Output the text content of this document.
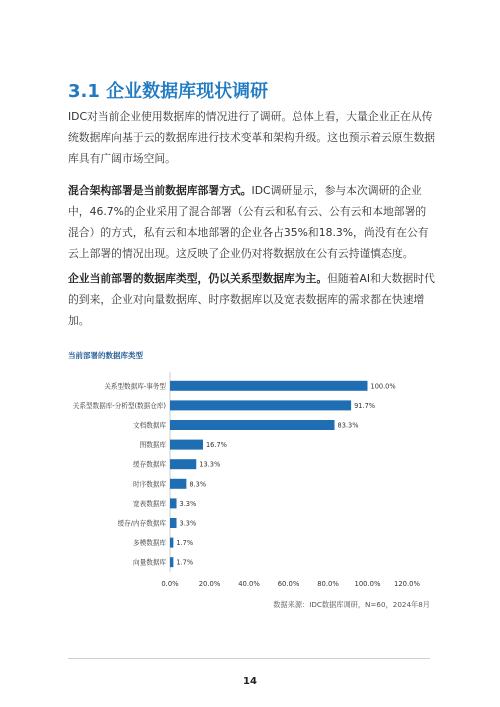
3.1 企业数据库现状调研

IDC对当前企业使用数据库的情况进行了调研。总体上看，大量企业正在从传统数据库向基于云的数据库进行技术变革和架构升级。这也预示着云原生数据库具有广阔市场空间。

混合架构部署是当前数据库部署方式。IDC调研显示，参与本次调研的企业中，46.7%的企业采用了混合部署（公有云和私有云、公有云和本地部署的混合）的方式，私有云和本地部署的企业各占35%和18.3%，尚没有在公有云上部署的情况出现。这反映了企业仍对将数据放在公有云持谨慎态度。

企业当前部署的数据库类型，仍以关系型数据库为主。但随着AI和大数据时代的到来，企业对向量数据库、时序数据库以及宽表数据库的需求都在快速增加。

当前部署的数据库类型
关系型数据库-事务型	100.0%
关系型数据库-分析型(数据仓库)	91.7%
文档数据库	83.3%
图数据库	16.7%
缓存数据库	13.3%
时序数据库	8.3%
宽表数据库 3.3%
缓存/内存数据库 3.3%
多模数据库 1.7%
向量数据库 1.7%
0.0%	20.0%	40.0%	60.0%	80.0% 100.0% 120.0%
数据来源：IDC数据库调研，N=60，2024年8月
14
